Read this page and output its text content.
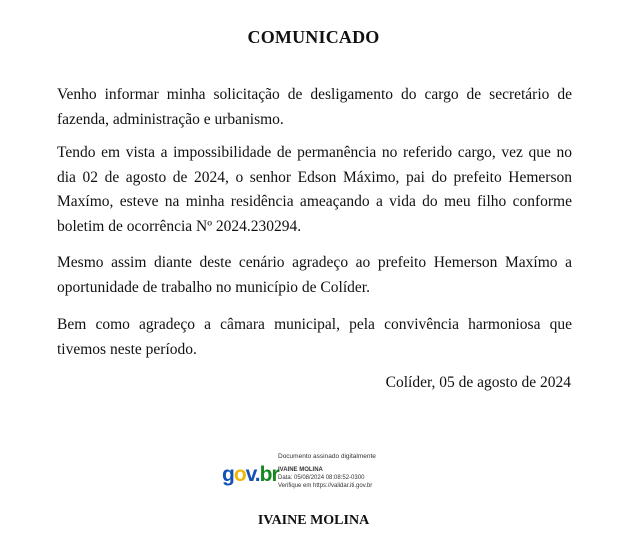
COMUNICADO

Venho informar minha solicitação de desligamento do cargo de secretário de fazenda, administração e urbanismo.

Tendo em vista a impossibilidade de permanência no referido cargo, vez que no dia 02 de agosto de 2024, o senhor Edson Máximo, pai do prefeito Hemerson Maxímo, esteve na minha residência ameaçando a vida do meu filho conforme boletim de ocorrência Nº 2024.230294.

Mesmo assim diante deste cenário agradeço ao prefeito Hemerson Maxímo a oportunidade de trabalho no município de Colíder.

Bem como agradeço a câmara municipal, pela convivência harmoniosa que tivemos neste período.

Colíder, 05 de agosto de 2024
gov.br
Documento assinado digitalmente
IVAINE MOLINA
Data: 05/08/2024 08:08:52-0300
Verifique em https://validar.iti.gov.br
IVAINE MOLINA
